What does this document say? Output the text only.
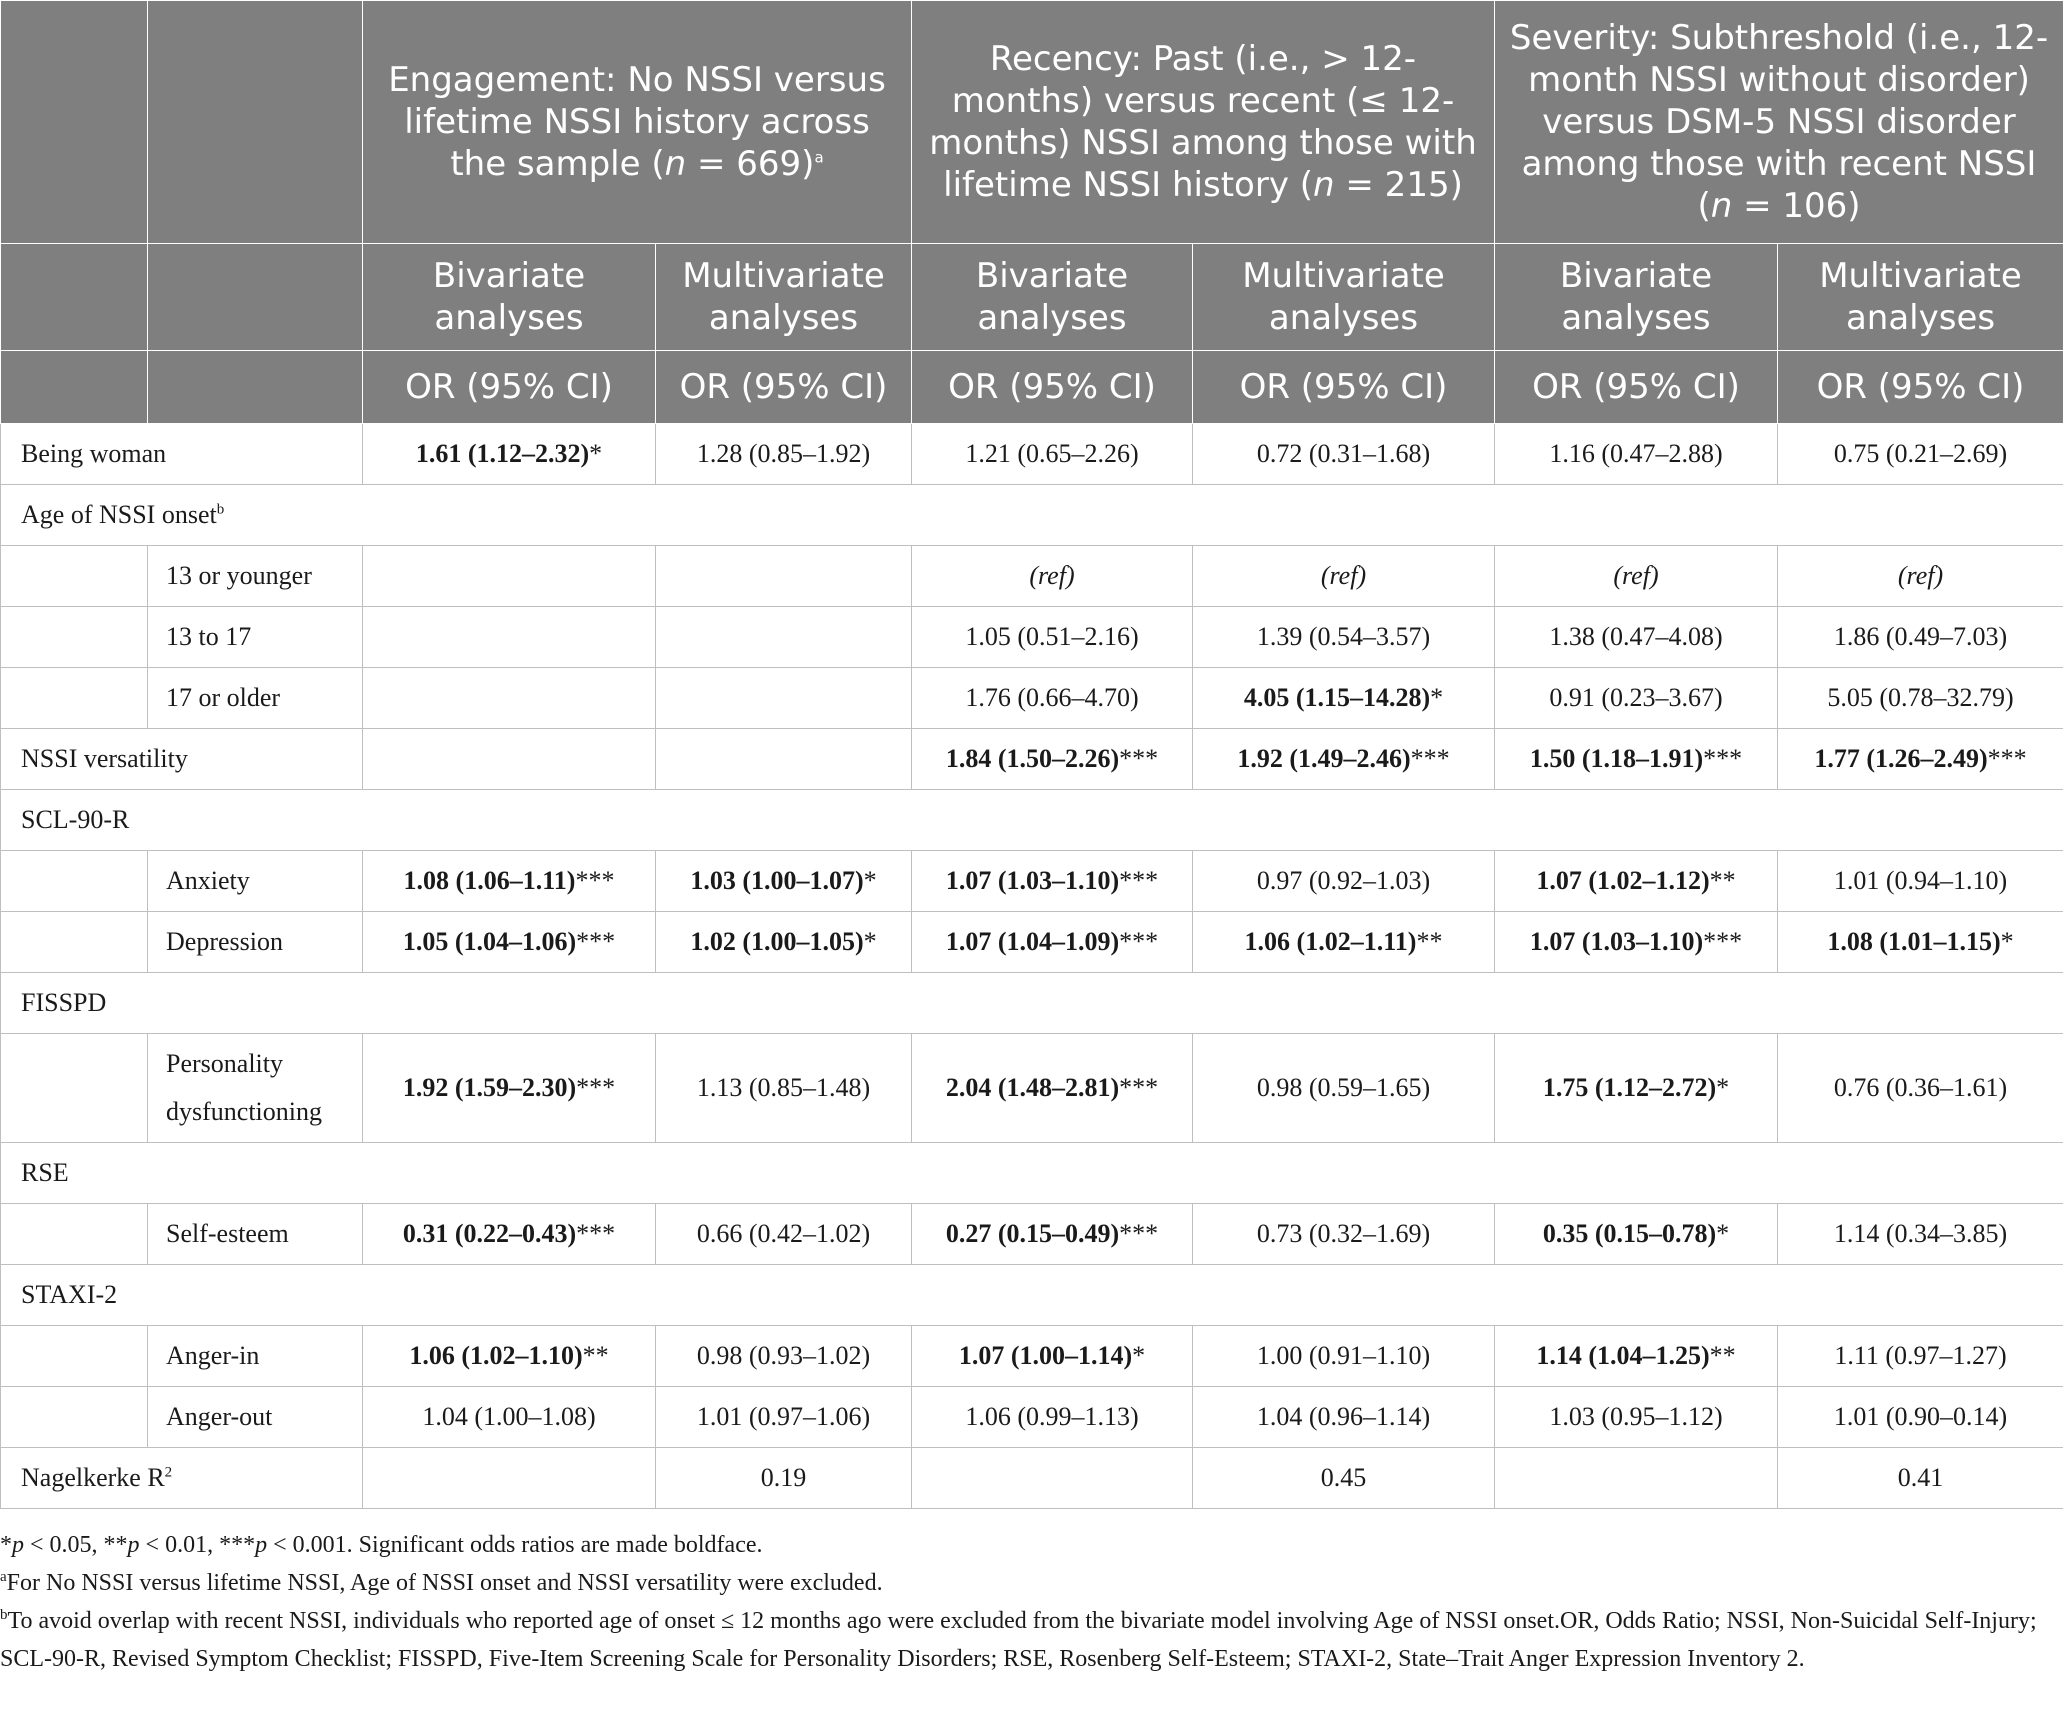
		Engagement: No NSSI versus lifetime NSSI history across the sample (n = 669)$^a$		Recency: Past (i.e., > 12-months) versus recent (≤ 12-months) NSSI among those with lifetime NSSI history (n = 215)		Severity: Subthreshold (i.e., 12-month NSSI without disorder) versus DSM-5 NSSI disorder among those with recent NSSI (n = 106)	
		Bivariate analyses	Multivariate analyses	Bivariate analyses	Multivariate analyses	Bivariate analyses	Multivariate analyses
		OR (95% CI)	OR (95% CI)	OR (95% CI)	OR (95% CI)	OR (95% CI)	OR (95% CI)
Being woman		1.61 (1.12–2.32)*	1.28 (0.85–1.92)	1.21 (0.65–2.26)	0.72 (0.31–1.68)	1.16 (0.47–2.88)	0.75 (0.21–2.69)
Age of NSSI onset$^b$
	13 or younger			(ref)	(ref)	(ref)	(ref)
	13 to 17			1.05 (0.51–2.16)	1.39 (0.54–3.57)	1.38 (0.47–4.08)	1.86 (0.49–7.03)
	17 or older			1.76 (0.66–4.70)	4.05 (1.15–14.28)*	0.91 (0.23–3.67)	5.05 (0.78–32.79)
NSSI versatility				1.84 (1.50–2.26)***	1.92 (1.49–2.46)***	1.50 (1.18–1.91)***	1.77 (1.26–2.49)***
SCL-90-R							
	Anxiety	1.08 (1.06–1.11)***	1.03 (1.00–1.07)*	1.07 (1.03–1.10)***	0.97 (0.92–1.03)	1.07 (1.02–1.12)**	1.01 (0.94–1.10)
	Depression	1.05 (1.04–1.06)***	1.02 (1.00–1.05)*	1.07 (1.04–1.09)***	1.06 (1.02–1.11)**	1.07 (1.03–1.10)***	1.08 (1.01–1.15)*
FISSPD							
	Personality dysfunctioning	1.92 (1.59–2.30)***	1.13 (0.85–1.48)	2.04 (1.48–2.81)***	0.98 (0.59–1.65)	1.75 (1.12–2.72)*	0.76 (0.36–1.61)
RSE							
	Self-esteem	0.31 (0.22–0.43)***	0.66 (0.42–1.02)	0.27 (0.15–0.49)***	0.73 (0.32–1.69)	0.35 (0.15–0.78)*	1.14 (0.34–3.85)
STAXI-2							
	Anger-in	1.06 (1.02–1.10)**	0.98 (0.93–1.02)	1.07 (1.00–1.14)*	1.00 (0.91–1.10)	1.14 (1.04–1.25)**	1.11 (0.97–1.27)
	Anger-out	1.04 (1.00–1.08)	1.01 (0.97–1.06)	1.06 (0.99–1.13)	1.04 (0.96–1.14)	1.03 (0.95–1.12)	1.01 (0.90–0.14)
Nagelkerke $R^2$			0.19		0.45		0.41

*p < 0.05, **p < 0.01, ***p < 0.001. Significant odds ratios are made boldface.

$^a$For No NSSI versus lifetime NSSI, Age of NSSI onset and NSSI versatility were excluded.

$^b$To avoid overlap with recent NSSI, individuals who reported age of onset ≤ 12 months ago were excluded from the bivariate model involving Age of NSSI onset.OR, Odds Ratio; NSSI, Non-Suicidal Self-Injury; SCL-90-R, Revised Symptom Checklist; FISSPD, Five-Item Screening Scale for Personality Disorders; RSE, Rosenberg Self-Esteem; STAXI-2, State–Trait Anger Expression Inventory 2.
